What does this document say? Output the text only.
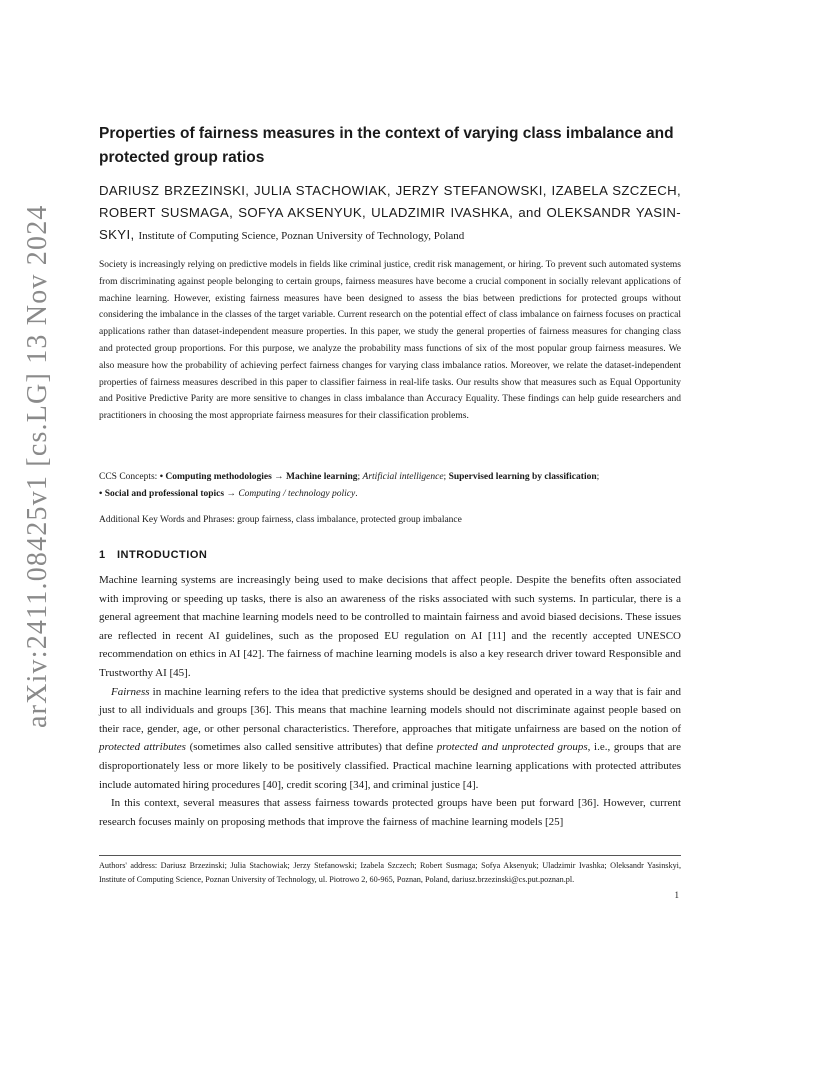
arXiv:2411.08425v1 [cs.LG] 13 Nov 2024
Properties of fairness measures in the context of varying class imbalance and protected group ratios
DARIUSZ BRZEZINSKI, JULIA STACHOWIAK, JERZY STEFANOWSKI, IZABELA SZCZECH, ROBERT SUSMAGA, SOFYA AKSENYUK, ULADZIMIR IVASHKA, and OLEKSANDR YASIN-SKYI, Institute of Computing Science, Poznan University of Technology, Poland

Society is increasingly relying on predictive models in fields like criminal justice, credit risk management, or hiring. To prevent such automated systems from discriminating against people belonging to certain groups, fairness measures have become a crucial component in socially relevant applications of machine learning. However, existing fairness measures have been designed to assess the bias between predictions for protected groups without considering the imbalance in the classes of the target variable. Current research on the potential effect of class imbalance on fairness focuses on practical applications rather than dataset-independent measure properties. In this paper, we study the general properties of fairness measures for changing class and protected group proportions. For this purpose, we analyze the probability mass functions of six of the most popular group fairness measures. We also measure how the probability of achieving perfect fairness changes for varying class imbalance ratios. Moreover, we relate the dataset-independent properties of fairness measures described in this paper to classifier fairness in real-life tasks. Our results show that measures such as Equal Opportunity and Positive Predictive Parity are more sensitive to changes in class imbalance than Accuracy Equality. These findings can help guide researchers and practitioners in choosing the most appropriate fairness measures for their classification problems.

CCS Concepts: • Computing methodologies → Machine learning; Artificial intelligence; Supervised learning by classification;
• Social and professional topics → Computing / technology policy.

Additional Key Words and Phrases: group fairness, class imbalance, protected group imbalance

1 INTRODUCTION

Machine learning systems are increasingly being used to make decisions that affect people. Despite the benefits often associated with improving or speeding up tasks, there is also an awareness of the risks associated with such systems. In particular, there is a general agreement that machine learning models need to be controlled to maintain fairness and avoid biased decisions. These issues are reflected in recent AI guidelines, such as the proposed EU regulation on AI [11] and the recently accepted UNESCO recommendation on ethics in AI [42]. The fairness of machine learning models is also a key research driver toward Responsible and Trustworthy AI [45].

Fairness in machine learning refers to the idea that predictive systems should be designed and operated in a way that is fair and just to all individuals and groups [36]. This means that machine learning models should not discriminate against people based on their race, gender, age, or other personal characteristics. Therefore, approaches that mitigate unfairness are based on the notion of protected attributes (sometimes also called sensitive attributes) that define protected and unprotected groups, i.e., groups that are disproportionately less or more likely to be positively classified. Practical machine learning applications with protected attributes include automated hiring procedures [40], credit scoring [34], and criminal justice [4].

In this context, several measures that assess fairness towards protected groups have been put forward [36]. However, current research focuses mainly on proposing methods that improve the fairness of machine learning models [25]

Authors' address: Dariusz Brzezinski; Julia Stachowiak; Jerzy Stefanowski; Izabela Szczech; Robert Susmaga; Sofya Aksenyuk; Uladzimir Ivashka; Oleksandr Yasinskyi, Institute of Computing Science, Poznan University of Technology, ul. Piotrowo 2, 60-965, Poznan, Poland, dariusz.brzezinski@cs.put.poznan.pl.

1
